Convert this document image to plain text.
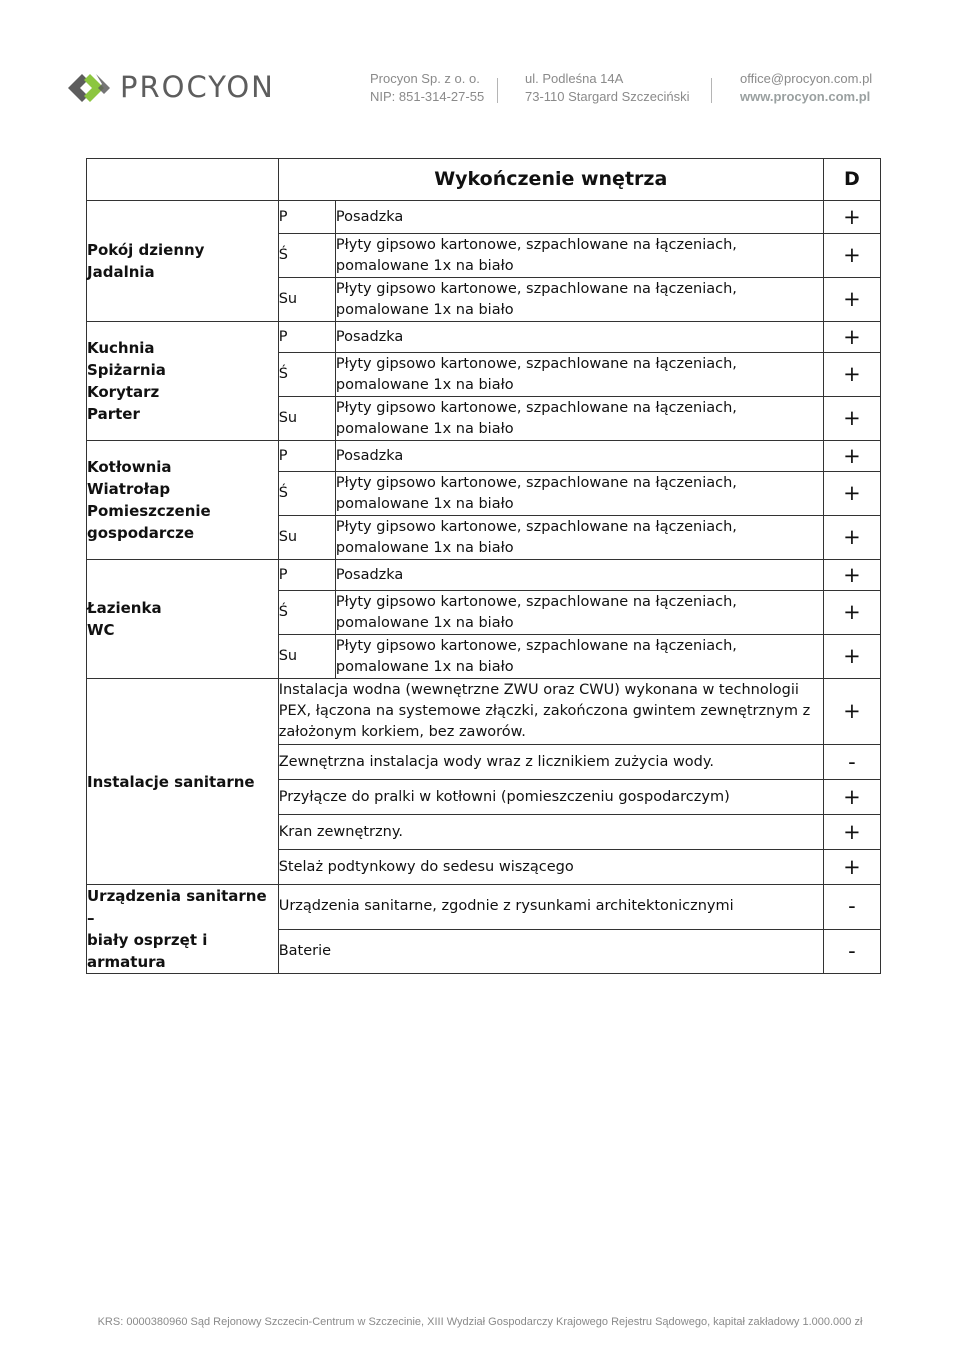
PROCYON	Procyon Sp. z o. o.
NIP: 851-314-27-55
ul. Podleśna 14A
73-110 Stargard Szczeciński
office@procyon.com.pl
www.procyon.com.pl
	Wykończenie wnętrza		D

Pokój dzienny
Jadalnia	P	Posadzka	+
	Ś	Płyty gipsowo kartonowe, szpachlowane na łączeniach,
pomalowane 1x na biało	+
	Su	Płyty gipsowo kartonowe, szpachlowane na łączeniach,
pomalowane 1x na biało	+

Kuchnia
Spiżarnia
Korytarz
Parter	P	Posadzka	+
	Ś	Płyty gipsowo kartonowe, szpachlowane na łączeniach,
pomalowane 1x na biało	+
	Su	Płyty gipsowo kartonowe, szpachlowane na łączeniach,
pomalowane 1x na biało	+

Kotłownia
Wiatrołap
Pomieszczenie
gospodarcze	P	Posadzka	+
	Ś	Płyty gipsowo kartonowe, szpachlowane na łączeniach,
pomalowane 1x na biało	+
	Su	Płyty gipsowo kartonowe, szpachlowane na łączeniach,
pomalowane 1x na biało	+

Łazienka
WC	P	Posadzka	+
	Ś	Płyty gipsowo kartonowe, szpachlowane na łączeniach,
pomalowane 1x na biało	+
	Su	Płyty gipsowo kartonowe, szpachlowane na łączeniach,
pomalowane 1x na biało	+

Instalacje sanitarne	Instalacja wodna (wewnętrzne ZWU oraz CWU) wykonana w technologii
PEX, łączona na systemowe złączki, zakończona gwintem zewnętrznym z
założonym korkiem, bez zaworów.		+

	Zewnętrzna instalacja wody wraz z licznikiem zużycia wody.		-

	Przyłącze do pralki w kotłowni (pomieszczeniu gospodarczym)		+

	Kran zewnętrzny.		+

	Stelaż podtynkowy do sedesu wiszącego		+

Urządzenia sanitarne –
biały osprzęt i
armatura	Urządzenia sanitarne, zgodnie z rysunkami architektonicznymi		-

	Baterie		-
KRS: 0000380960 Sąd Rejonowy Szczecin-Centrum w Szczecinie, XIII Wydział Gospodarczy Krajowego Rejestru Sądowego, kapitał zakładowy 1.000.000 zł
